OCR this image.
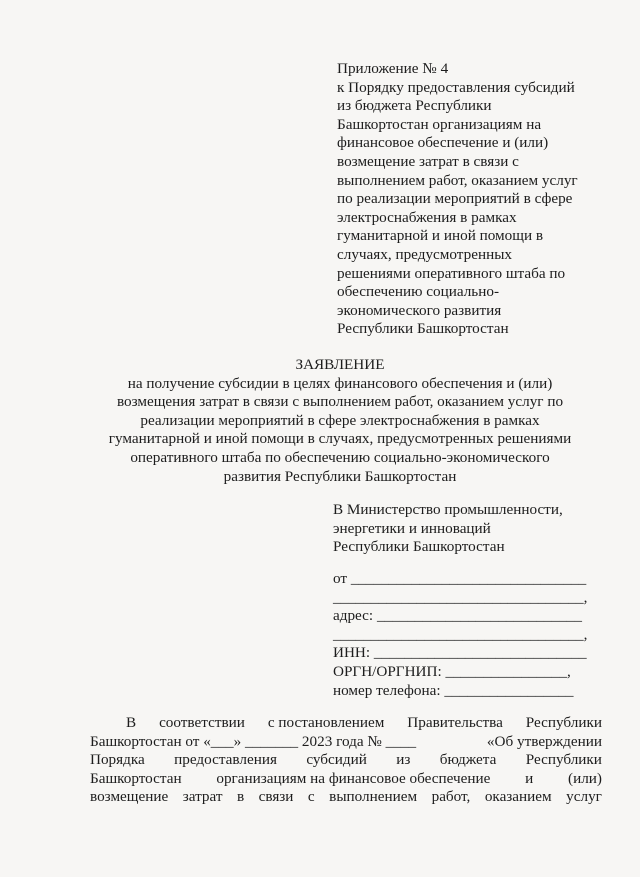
Приложение № 4
к Порядку предоставления субсидий
из бюджета Республики
Башкортостан организациям на
финансовое обеспечение и (или)
возмещение затрат в связи с
выполнением работ, оказанием услуг
по реализации мероприятий в сфере
электроснабжения в рамках
гуманитарной и иной помощи в
случаях, предусмотренных
решениями оперативного штаба по
обеспечению социально-
экономического развития
Республики Башкортостан
ЗАЯВЛЕНИЕ
на получение субсидии в целях финансового обеспечения и (или)
возмещения затрат в связи с выполнением работ, оказанием услуг по
реализации мероприятий в сфере электроснабжения в рамках
гуманитарной и иной помощи в случаях, предусмотренных решениями
оперативного штаба по обеспечению социально-экономического
развития Республики Башкортостан
В Министерство промышленности,
энергетики и инноваций
Республики Башкортостан
от _______________________________
_________________________________,
адрес: ___________________________
_________________________________,
ИНН: ____________________________
ОРГН/ОРГНИП: ________________,
номер телефона: _________________
В соответствии с постановлением Правительства Республики
Башкортостан от «___» _______ 2023 года № ____	«Об утверждении
Порядка предоставления субсидий из бюджета Республики
Башкортостан организациям на финансовое обеспечение и (или)
возмещение затрат в связи с выполнением работ, оказанием услуг
